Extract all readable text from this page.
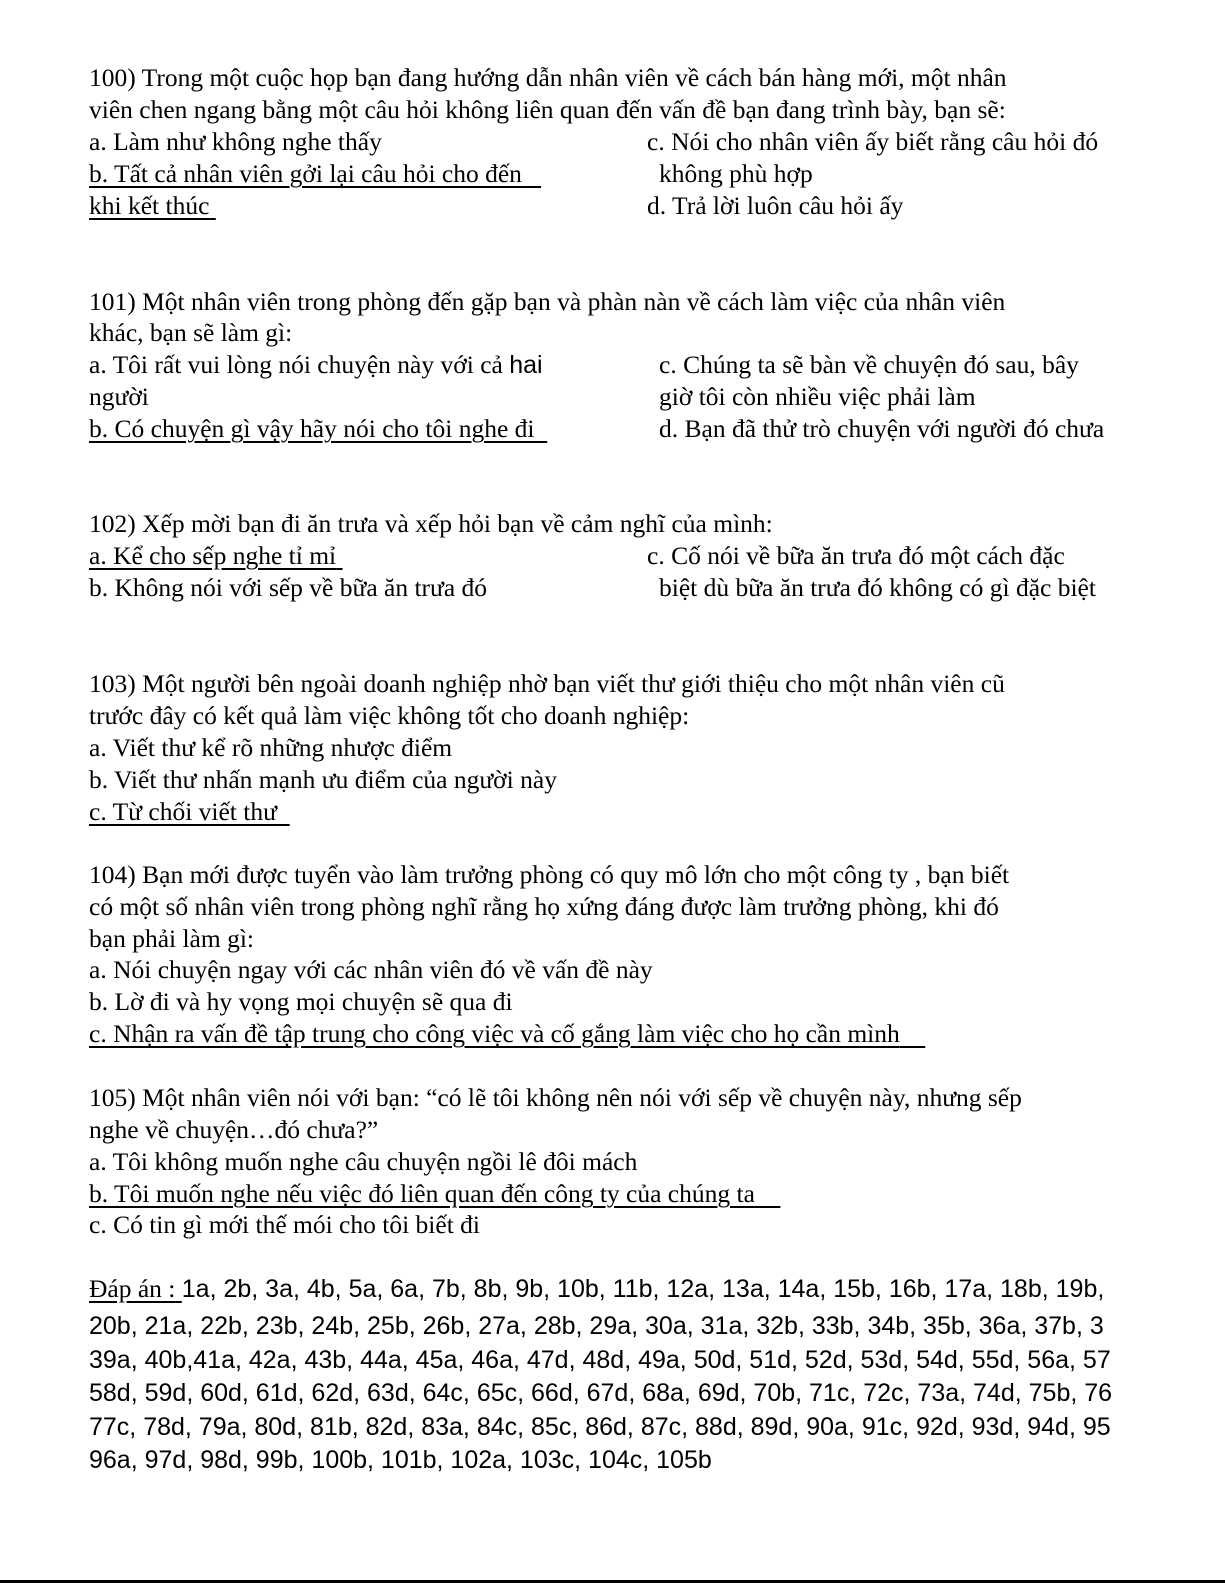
100) Trong một cuộc họp bạn đang hướng dẫn nhân viên về cách bán hàng mới, một nhân
viên chen ngang bằng một câu hỏi không liên quan đến vấn đề bạn đang trình bày, bạn sẽ:
a. Làm như không nghe thấy
b. Tất cả nhân viên gởi lại câu hỏi cho đến
khi kết thúc
c. Nói cho nhân viên ấy biết rằng câu hỏi đó
không phù hợp
d. Trả lời luôn câu hỏi ấy
101) Một nhân viên trong phòng đến gặp bạn và phàn nàn về cách làm việc của nhân viên
khác, bạn sẽ làm gì:
a. Tôi rất vui lòng nói chuyện này với cả hai
người
b. Có chuyện gì vậy hãy nói cho tôi nghe đi
c. Chúng ta sẽ bàn về chuyện đó sau, bây
giờ tôi còn nhiều việc phải làm
d. Bạn đã thử trò chuyện với người đó chưa
102) Xếp mời bạn đi ăn trưa và xếp hỏi bạn về cảm nghĩ của mình:
a. Kể cho sếp nghe tỉ mỉ
b. Không nói với sếp về bữa ăn trưa đó
c. Cố nói về bữa ăn trưa đó một cách đặc
biệt dù bữa ăn trưa đó không có gì đặc biệt
103) Một người bên ngoài doanh nghiệp nhờ bạn viết thư giới thiệu cho một nhân viên cũ
trước đây có kết quả làm việc không tốt cho doanh nghiệp:
a. Viết thư kể rõ những nhược điểm
b. Viết thư nhấn mạnh ưu điểm của người này
c. Từ chối viết thư
104) Bạn mới được tuyển vào làm trưởng phòng có quy mô lớn cho một công ty , bạn biết
có một số nhân viên trong phòng nghĩ rằng họ xứng đáng được làm trưởng phòng, khi đó
bạn phải làm gì:
a. Nói chuyện ngay với các nhân viên đó về vấn đề này
b. Lờ đi và hy vọng mọi chuyện sẽ qua đi
c. Nhận ra vấn đề tập trung cho công việc và cố gắng làm việc cho họ cần mình
105) Một nhân viên nói với bạn: “có lẽ tôi không nên nói với sếp về chuyện này, nhưng sếp
nghe về chuyện…đó chưa?”
a. Tôi không muốn nghe câu chuyện ngồi lê đôi mách
b. Tôi muốn nghe nếu việc đó liên quan đến công ty của chúng ta
c. Có tin gì mới thế mói cho tôi biết đi
Đáp án : 1a, 2b, 3a, 4b, 5a, 6a, 7b, 8b, 9b, 10b, 11b, 12a, 13a, 14a, 15b, 16b, 17a, 18b, 19b,
20b, 21a, 22b, 23b, 24b, 25b, 26b, 27a, 28b, 29a, 30a, 31a, 32b, 33b, 34b, 35b, 36a, 37b, 3
39a, 40b,41a, 42a, 43b, 44a, 45a, 46a, 47d, 48d, 49a, 50d, 51d, 52d, 53d, 54d, 55d, 56a, 57
58d, 59d, 60d, 61d, 62d, 63d, 64c, 65c, 66d, 67d, 68a, 69d, 70b, 71c, 72c, 73a, 74d, 75b, 76
77c, 78d, 79a, 80d, 81b, 82d, 83a, 84c, 85c, 86d, 87c, 88d, 89d, 90a, 91c, 92d, 93d, 94d, 95
96a, 97d, 98d, 99b, 100b, 101b, 102a, 103c, 104c, 105b
